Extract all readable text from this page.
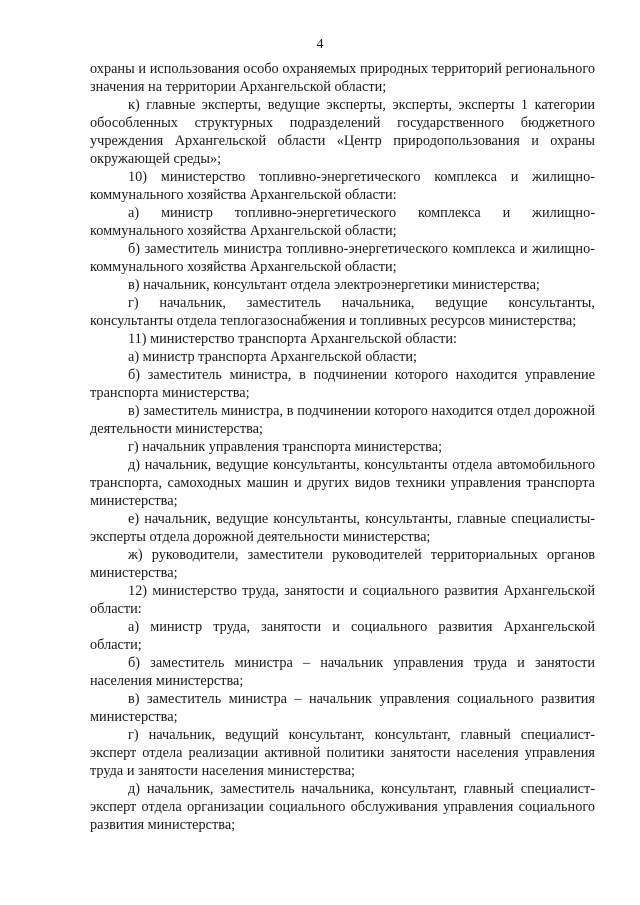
4

охраны и использования особо охраняемых природных территорий регионального значения на территории Архангельской области;

к) главные эксперты, ведущие эксперты, эксперты, эксперты 1 категории обособленных структурных подразделений государственного бюджетного учреждения Архангельской области «Центр природопользования и охраны окружающей среды»;

10) министерство топливно-энергетического комплекса и жилищно-коммунального хозяйства Архангельской области:

а) министр топливно-энергетического комплекса и жилищно-коммунального хозяйства Архангельской области;

б) заместитель министра топливно-энергетического комплекса и жилищно-коммунального хозяйства Архангельской области;

в) начальник, консультант отдела электроэнергетики министерства;

г) начальник, заместитель начальника, ведущие консультанты, консультанты отдела теплогазоснабжения и топливных ресурсов министерства;

11) министерство транспорта Архангельской области:

а) министр транспорта Архангельской области;

б) заместитель министра, в подчинении которого находится управление транспорта министерства;

в) заместитель министра, в подчинении которого находится отдел дорожной деятельности министерства;

г) начальник управления транспорта министерства;

д) начальник, ведущие консультанты, консультанты отдела автомобильного транспорта, самоходных машин и других видов техники управления транспорта министерства;

е) начальник, ведущие консультанты, консультанты, главные специалисты-эксперты отдела дорожной деятельности министерства;

ж) руководители, заместители руководителей территориальных органов министерства;

12) министерство труда, занятости и социального развития Архангельской области:

а) министр труда, занятости и социального развития Архангельской области;

б) заместитель министра – начальник управления труда и занятости населения министерства;

в) заместитель министра – начальник управления социального развития министерства;

г) начальник, ведущий консультант, консультант, главный специалист-эксперт отдела реализации активной политики занятости населения управления труда и занятости населения министерства;

д) начальник, заместитель начальника, консультант, главный специалист-эксперт отдела организации социального обслуживания управления социального развития министерства;
